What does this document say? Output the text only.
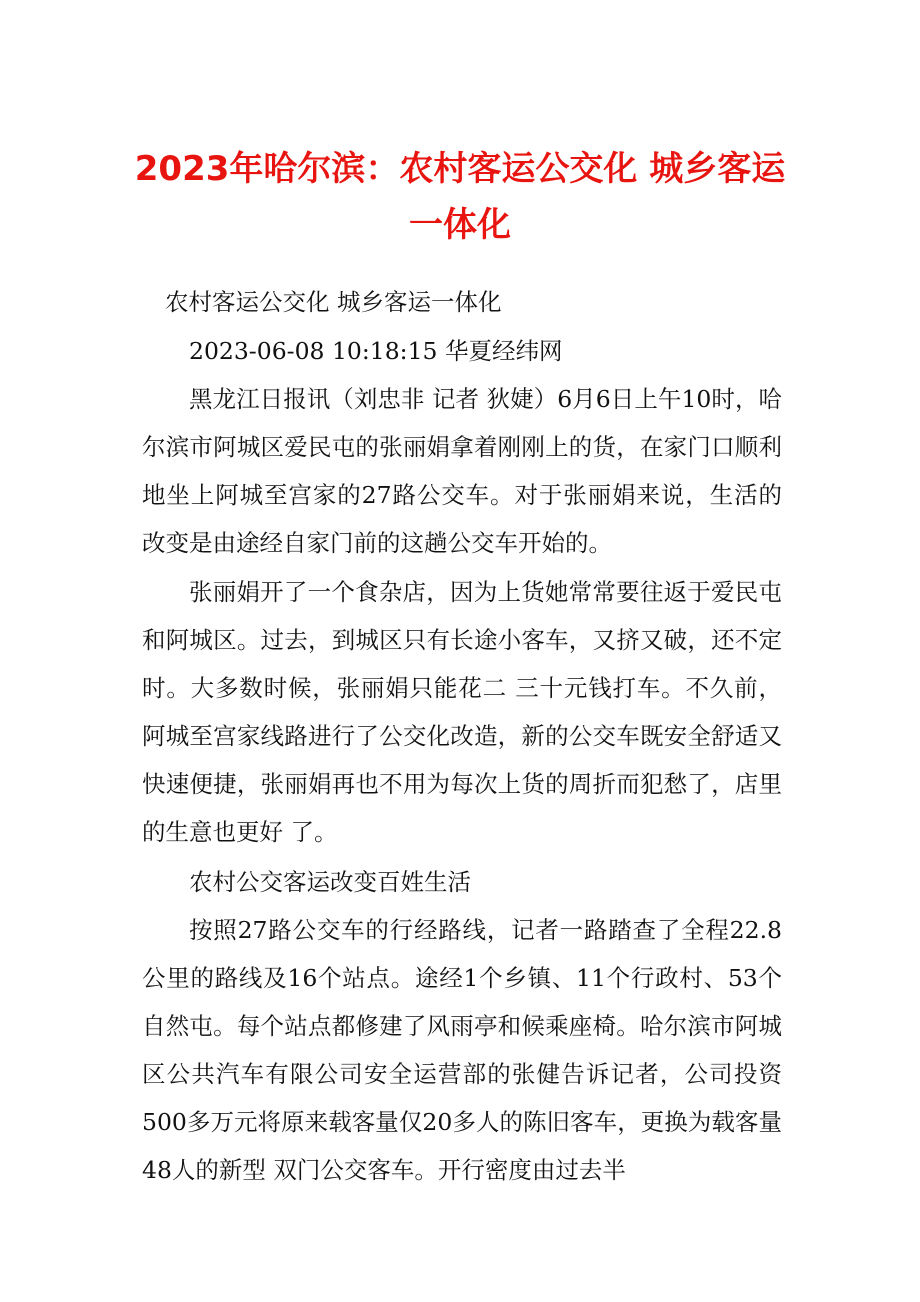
2023年哈尔滨：农村客运公交化 城乡客运
一体化

农村客运公交化 城乡客运一体化

2023-06-08 10:18:15 华夏经纬网

黑龙江日报讯（刘忠非 记者 狄婕）6月6日上午10时，哈尔滨市阿城区爱民屯的张丽娟拿着刚刚上的货，在家门口顺利地坐上阿城至宫家的27路公交车。对于张丽娟来说，生活的改变是由途经自家门前的这趟公交车开始的。

张丽娟开了一个食杂店，因为上货她常常要往返于爱民屯和阿城区。过去，到城区只有长途小客车，又挤又破，还不定时。大多数时候，张丽娟只能花二 三十元钱打车。不久前，阿城至宫家线路进行了公交化改造，新的公交车既安全舒适又快速便捷，张丽娟再也不用为每次上货的周折而犯愁了，店里的生意也更好 了。

农村公交客运改变百姓生活

按照27路公交车的行经路线，记者一路踏查了全程22.8公里的路线及16个站点。途经1个乡镇、11个行政村、53个自然屯。每个站点都修建了风雨亭和候乘座椅。哈尔滨市阿城区公共汽车有限公司安全运营部的张健告诉记者，公司投资500多万元将原来载客量仅20多人的陈旧客车，更换为载客量48人的新型 双门公交客车。开行密度由过去半
